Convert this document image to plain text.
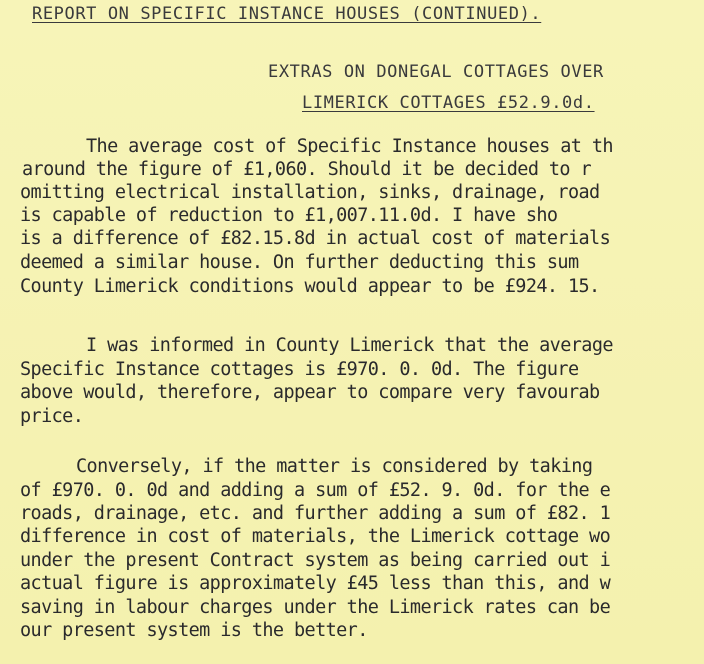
REPORT ON SPECIFIC INSTANCE HOUSES (CONTINUED).
EXTRAS ON DONEGAL COTTAGES OVER
LIMERICK COTTAGES £52.9.0d.
The average cost of Specific Instance houses at th
around the figure of £1,060. Should it be decided to r
omitting electrical installation, sinks, drainage, road
is capable of reduction to £1,007.11.0d. I have sho
is a difference of £82.15.8d in actual cost of materials
deemed a similar house. On further deducting this sum
County Limerick conditions would appear to be £924. 15.
I was informed in County Limerick that the average
Specific Instance cottages is £970. 0. 0d. The figure
above would, therefore, appear to compare very favourab
price.
Conversely, if the matter is considered by taking
of £970. 0. 0d and adding a sum of £52. 9. 0d. for the e
roads, drainage, etc. and further adding a sum of £82. 1
difference in cost of materials, the Limerick cottage wo
under the present Contract system as being carried out i
actual figure is approximately £45 less than this, and w
saving in labour charges under the Limerick rates can be
our present system is the better.
